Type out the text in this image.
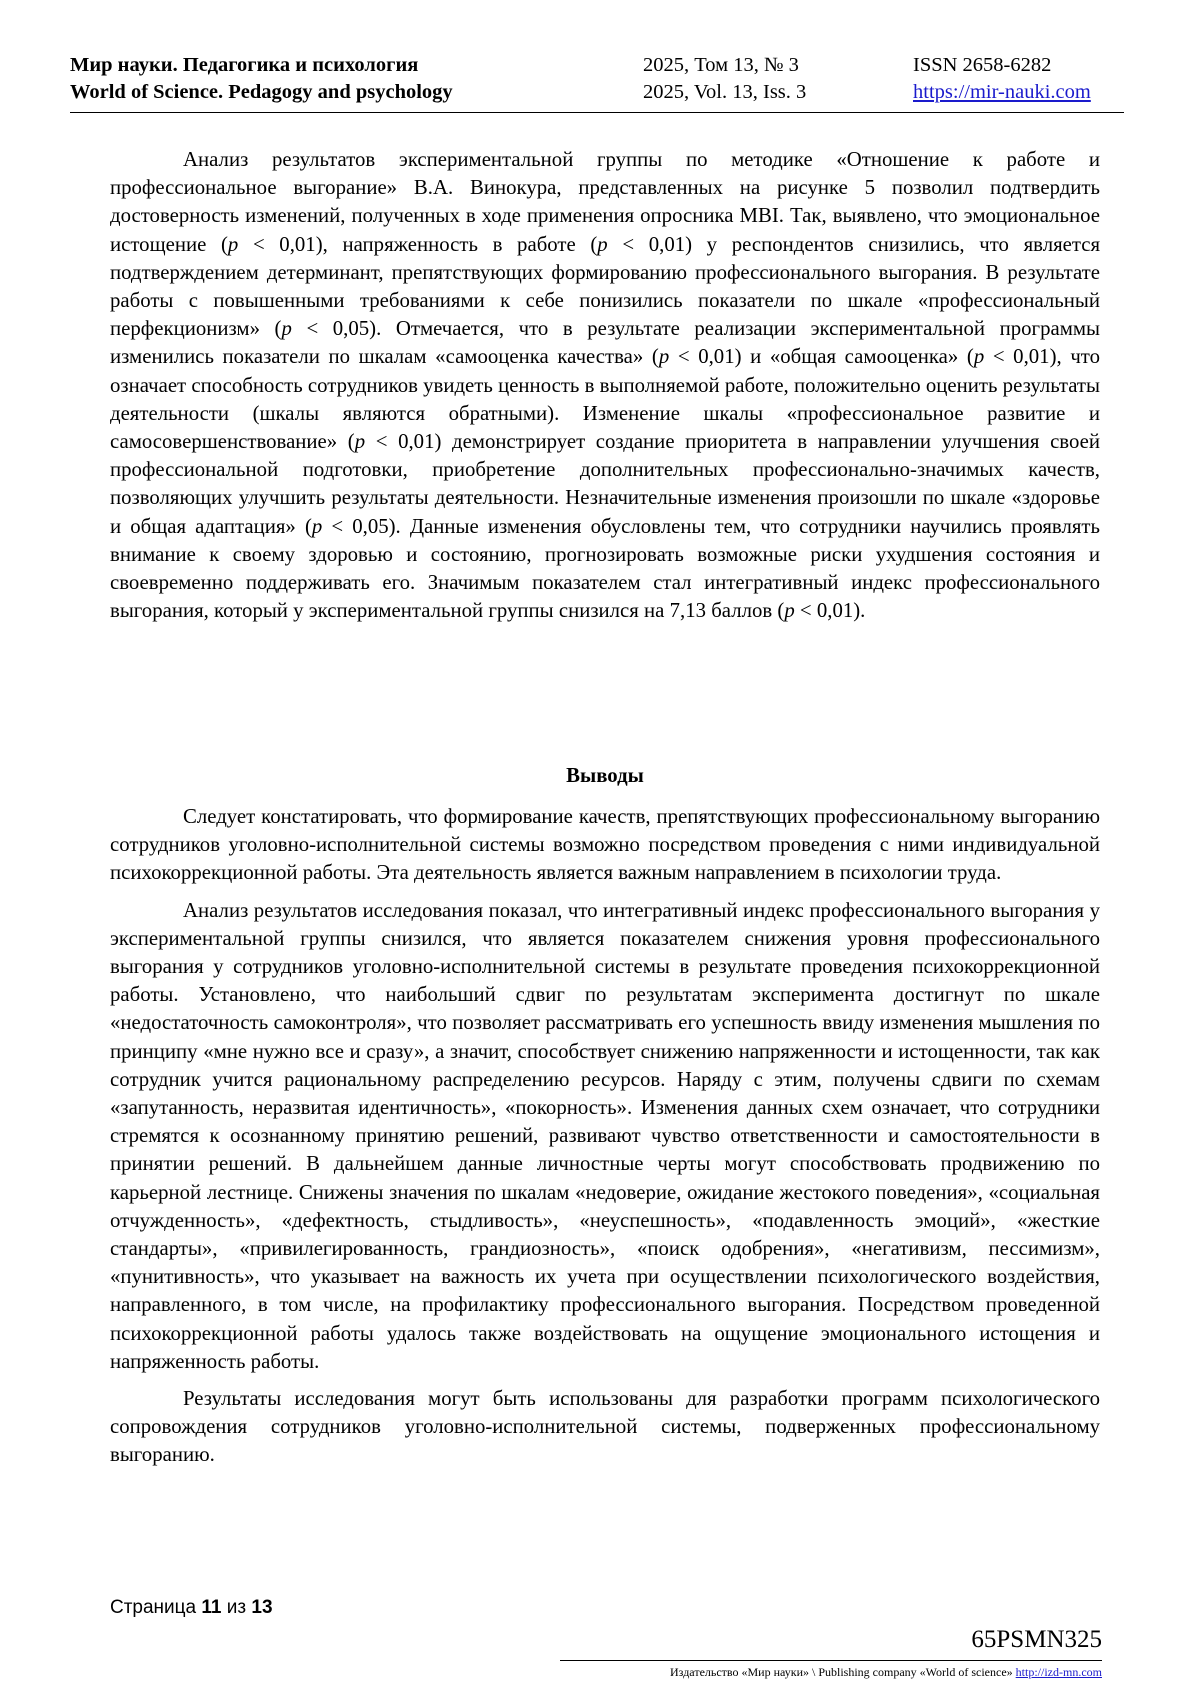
Мир науки. Педагогика и психология
World of Science. Pedagogy and psychology
2025, Том 13, № 3
2025, Vol. 13, Iss. 3
ISSN 2658-6282
https://mir-nauki.com

Анализ результатов экспериментальной группы по методике «Отношение к работе и профессиональное выгорание» В.А. Винокура, представленных на рисунке 5 позволил подтвердить достоверность изменений, полученных в ходе применения опросника MBI. Так, выявлено, что эмоциональное истощение (p < 0,01), напряженность в работе (p < 0,01) у респондентов снизились, что является подтверждением детерминант, препятствующих формированию профессионального выгорания. В результате работы с повышенными требованиями к себе понизились показатели по шкале «профессиональный перфекционизм» (p < 0,05). Отмечается, что в результате реализации экспериментальной программы изменились показатели по шкалам «самооценка качества» (p < 0,01) и «общая самооценка» (p < 0,01), что означает способность сотрудников увидеть ценность в выполняемой работе, положительно оценить результаты деятельности (шкалы являются обратными). Изменение шкалы «профессиональное развитие и самосовершенствование» (p < 0,01) демонстрирует создание приоритета в направлении улучшения своей профессиональной подготовки, приобретение дополнительных профессионально-значимых качеств, позволяющих улучшить результаты деятельности. Незначительные изменения произошли по шкале «здоровье и общая адаптация» (p < 0,05). Данные изменения обусловлены тем, что сотрудники научились проявлять внимание к своему здоровью и состоянию, прогнозировать возможные риски ухудшения состояния и своевременно поддерживать его. Значимым показателем стал интегративный индекс профессионального выгорания, который у экспериментальной группы снизился на 7,13 баллов (p < 0,01).

Выводы

Следует констатировать, что формирование качеств, препятствующих профессиональному выгоранию сотрудников уголовно-исполнительной системы возможно посредством проведения с ними индивидуальной психокоррекционной работы. Эта деятельность является важным направлением в психологии труда.

Анализ результатов исследования показал, что интегративный индекс профессионального выгорания у экспериментальной группы снизился, что является показателем снижения уровня профессионального выгорания у сотрудников уголовно-исполнительной системы в результате проведения психокоррекционной работы. Установлено, что наибольший сдвиг по результатам эксперимента достигнут по шкале «недостаточность самоконтроля», что позволяет рассматривать его успешность ввиду изменения мышления по принципу «мне нужно все и сразу», а значит, способствует снижению напряженности и истощенности, так как сотрудник учится рациональному распределению ресурсов. Наряду с этим, получены сдвиги по схемам «запутанность, неразвитая идентичность», «покорность». Изменения данных схем означает, что сотрудники стремятся к осознанному принятию решений, развивают чувство ответственности и самостоятельности в принятии решений. В дальнейшем данные личностные черты могут способствовать продвижению по карьерной лестнице. Снижены значения по шкалам «недоверие, ожидание жестокого поведения», «социальная отчужденность», «дефектность, стыдливость», «неуспешность», «подавленность эмоций», «жесткие стандарты», «привилегированность, грандиозность», «поиск одобрения», «негативизм, пессимизм», «пунитивность», что указывает на важность их учета при осуществлении психологического воздействия, направленного, в том числе, на профилактику профессионального выгорания. Посредством проведенной психокоррекционной работы удалось также воздействовать на ощущение эмоционального истощения и напряженность работы.

Результаты исследования могут быть использованы для разработки программ психологического сопровождения сотрудников уголовно-исполнительной системы, подверженных профессиональному выгоранию.

Страница 11 из 13
65PSMN325
Издательство «Мир науки» \ Publishing company «World of science» http://izd-mn.com
